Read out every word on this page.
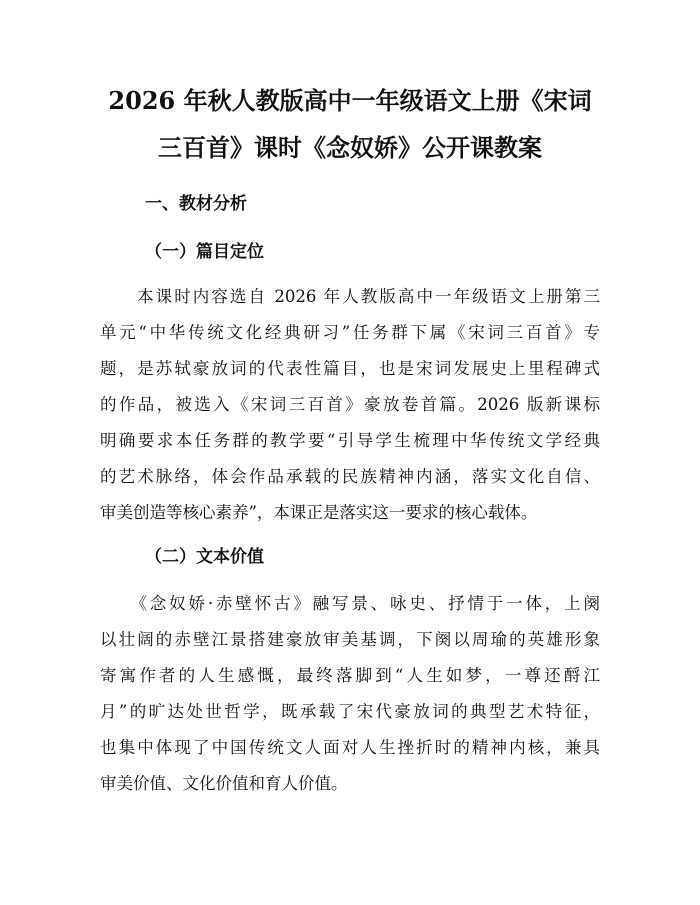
2026 年秋人教版高中一年级语文上册《宋词
三百首》课时《念奴娇》公开课教案
一、教材分析
（一）篇目定位

　　本课时内容选自 2026 年人教版高中一年级语文上册第三
单元“中华传统文化经典研习”任务群下属《宋词三百首》专
题，是苏轼豪放词的代表性篇目，也是宋词发展史上里程碑式
的作品，被选入《宋词三百首》豪放卷首篇。2026 版新课标
明确要求本任务群的教学要“引导学生梳理中华传统文学经典
的艺术脉络，体会作品承载的民族精神内涵，落实文化自信、
审美创造等核心素养”，本课正是落实这一要求的核心载体。

（二）文本价值

　　《念奴娇·赤壁怀古》融写景、咏史、抒情于一体，上阕
以壮阔的赤壁江景搭建豪放审美基调，下阕以周瑜的英雄形象
寄寓作者的人生感慨，最终落脚到“人生如梦，一尊还酹江
月”的旷达处世哲学，既承载了宋代豪放词的典型艺术特征，
也集中体现了中国传统文人面对人生挫折时的精神内核，兼具
审美价值、文化价值和育人价值。
